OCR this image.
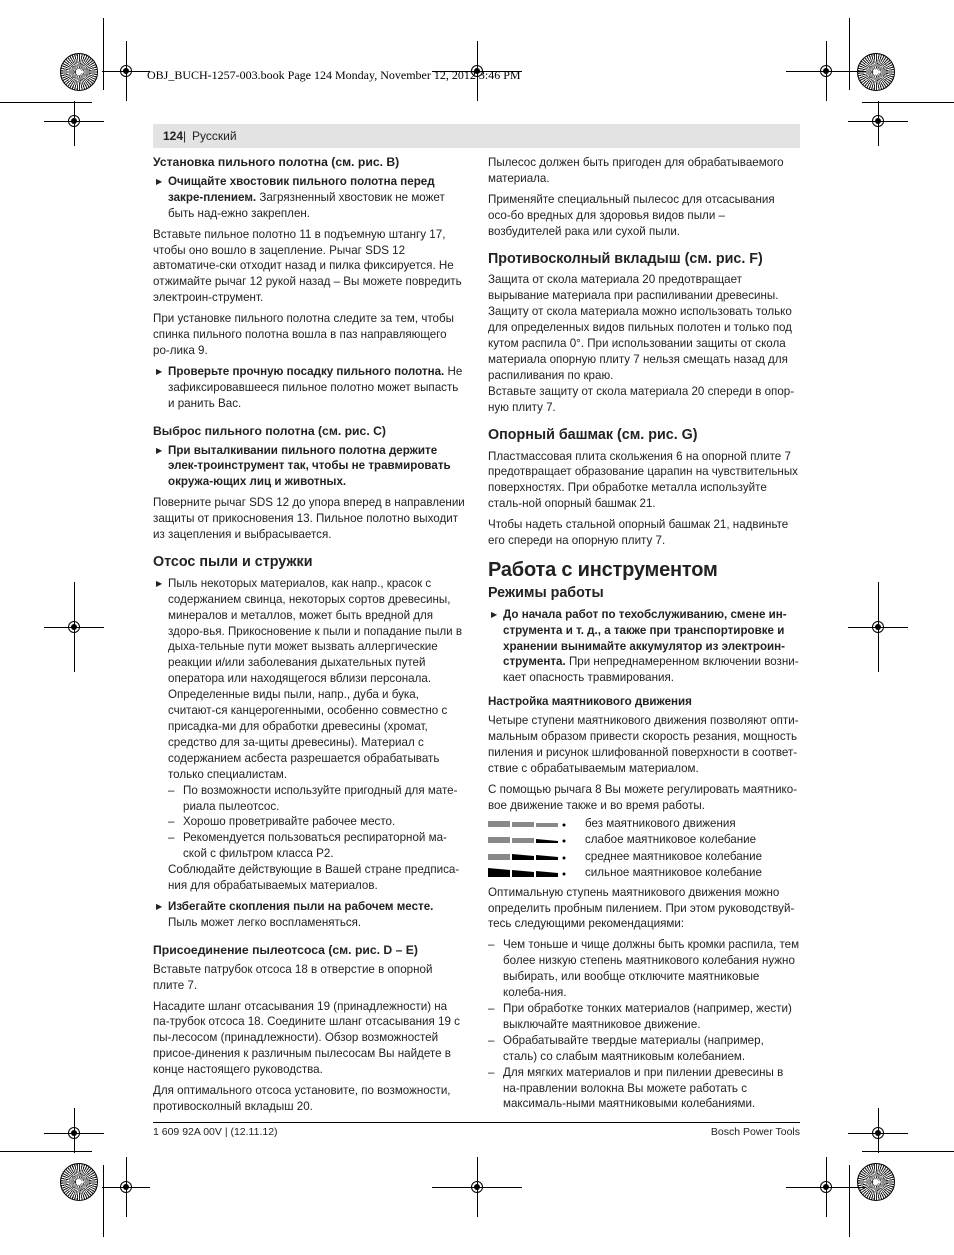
OBJ_BUCH-1257-003.book Page 124 Monday, November 12, 2012 3:46 PM
124 | Русский
Установка пильного полотна (см. рис. B)
▶ Очищайте хвостовик пильного полотна перед закре-плением. Загрязненный хвостовик не может быть над-ежно закреплен.

Вставьте пильное полотно 11 в подъемную штангу 17, чтобы оно вошло в зацепление. Рычаг SDS 12 автоматиче-ски отходит назад и пилка фиксируется. Не отжимайте рычаг 12 рукой назад – Вы можете повредить электроин-струмент.

При установке пильного полотна следите за тем, чтобы спинка пильного полотна вошла в паз направляющего ро-лика 9.

▶ Проверьте прочную посадку пильного полотна. Не зафиксировавшееся пильное полотно может выпасть и ранить Вас.
Выброс пильного полотна (см. рис. C)
▶ При выталкивании пильного полотна держите элек-троинструмент так, чтобы не травмировать окружа-ющих лиц и животных.

Поверните рычаг SDS 12 до упора вперед в направлении защиты от прикосновения 13. Пильное полотно выходит из зацепления и выбрасывается.

Отсос пыли и стружки
▶ Пыль некоторых материалов, как напр., красок с содержанием свинца, некоторых сортов древесины, минералов и металлов, может быть вредной для здоро-вья. Прикосновение к пыли и попадание пыли в дыха-тельные пути может вызвать аллергические реакции и/или заболевания дыхательных путей оператора или находящегося вблизи персонала.
Определенные виды пыли, напр., дуба и бука, считают-ся канцерогенными, особенно совместно с присадка-ми для обработки древесины (хромат, средство для за-щиты древесины). Материал с содержанием асбеста разрешается обрабатывать только специалистам.
– По возможности используйте пригодный для мате-риала пылеотсос.
– Хорошо проветривайте рабочее место.
– Рекомендуется пользоваться респираторной ма-ской с фильтром класса P2.
Соблюдайте действующие в Вашей стране предписа-ния для обрабатываемых материалов.
▶ Избегайте скопления пыли на рабочем месте. Пыль может легко воспламеняться.
Присоединение пылеотсоса (см. рис. D – E)

Вставьте патрубок отсоса 18 в отверстие в опорной плите 7.

Насадите шланг отсасывания 19 (принадлежности) на па-трубок отсоса 18. Соедините шланг отсасывания 19 с пы-лесосом (принадлежности). Обзор возможностей присое-динения к различным пылесосам Вы найдете в конце настоящего руководства.

Для оптимального отсоса установите, по возможности, противосколный вкладыш 20.

Пылесос должен быть пригоден для обрабатываемого материала.

Применяйте специальный пылесос для отсасывания осо-бо вредных для здоровья видов пыли – возбудителей рака или сухой пыли.

Противосколный вкладыш (см. рис. F)

Защита от скола материала 20 предотвращает вырывание материала при распиливании древесины. Защиту от скола материала можно использовать только для определенных видов пильных полотен и только под кутом распила 0°. При использовании защиты от скола материала опорную плиту 7 нельзя смещать назад для распиливания по краю.

Вставьте защиту от скола материала 20 спереди в опор-ную плиту 7.

Опорный башмак (см. рис. G)

Пластмассовая плита скольжения 6 на опорной плите 7 предотвращает образование царапин на чувствительных поверхностях. При обработке металла используйте сталь-ной опорный башмак 21.

Чтобы надеть стальной опорный башмак 21, надвиньте его спереди на опорную плиту 7.

Работа с инструментом
Режимы работы
▶ До начала работ по техобслуживанию, смене ин-струмента и т. д., а также при транспортировке и хранении вынимайте аккумулятор из электроин-струмента. При непреднамеренном включении возни-кает опасность травмирования.
Настройка маятникового движения

Четыре ступени маятникового движения позволяют опти-мальным образом привести скорость резания, мощность пиления и рисунок шлифованной поверхности в соответ-ствие с обрабатываемым материалом.

С помощью рычага 8 Вы можете регулировать маятнико-вое движение также и во время работы.

без маятникового движения
слабое маятниковое колебание
среднее маятниковое колебание
сильное маятниковое колебание

Оптимальную ступень маятникового движения можно определить пробным пилением. При этом руководствуй-тесь следующими рекомендациями:

– Чем тоньше и чище должны быть кромки распила, тем более низкую степень маятникового колебания нужно выбирать, или вообще отключите маятниковые колеба-ния.
– При обработке тонких материалов (например, жести) выключайте маятниковое движение.
– Обрабатывайте твердые материалы (например, сталь) со слабым маятниковым колебанием.
– Для мягких материалов и при пилении древесины в на-правлении волокна Вы можете работать с максималь-ными маятниковыми колебаниями.
1 609 92A 00V | (12.11.12)	Bosch Power Tools
